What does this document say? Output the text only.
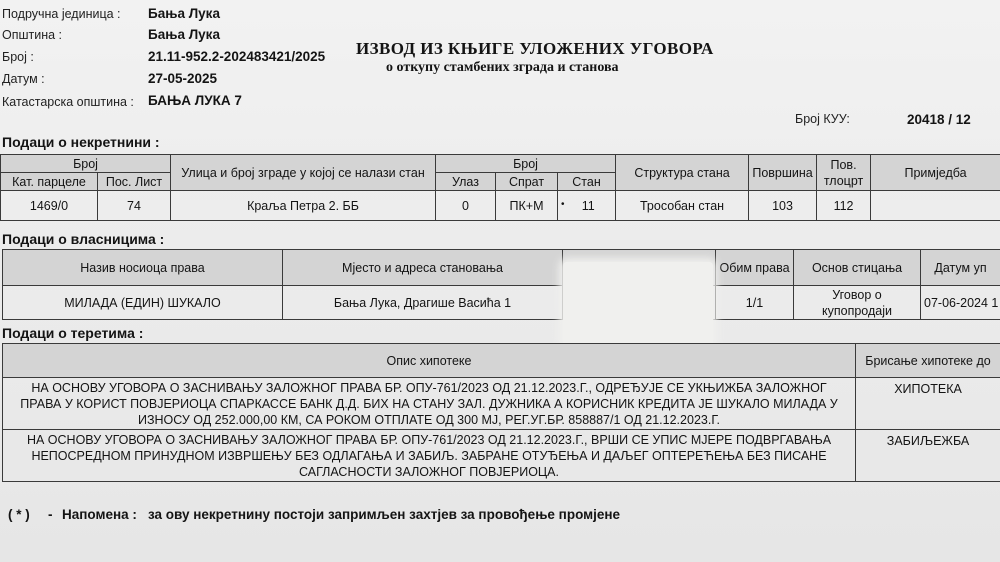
Подручна јединица : Бања Лука
Општина :	Бања Лука
Број :	21.11-952.2-202483421/2025
Датум :	27-05-2025
Катастарска општина : БАЊА ЛУКА 7
ИЗВОД ИЗ КЊИГЕ УЛОЖЕНИХ УГОВОРА
о откупу стамбених зграда и станова
Број КУУ:	20418 / 12
Подаци о некретнини :
Број		Улица и број зграде у којој се налази стан	Број			Структура стана	Површина	Пов. тлоцрт	Примједба
Кат. парцеле	Пос. Лист		Улаз	Спрат	Стан				
1469/0	74	Краља Петра 2. ББ	0	ПК+М	• 11	Трособан стан	103	112	
Подаци о власницима :
Назив носиоца права	Мјесто и адреса становања		Обим права	Основ стицања	Датум уп
МИЛАДА (ЕДИН) ШУКАЛО	Бања Лука, Драгише Васића 1		1/1	Уговор о купопродаји	07-06-2024 1
Подаци о теретима :
Опис хипотеке	Брисање хипотеке до
НА ОСНОВУ УГОВОРА О ЗАСНИВАЊУ ЗАЛОЖНОГ ПРАВА БР. ОПУ-761/2023 ОД 21.12.2023.Г., ОДРЕЂУЈЕ СЕ УКЊИЖБА ЗАЛОЖНОГ ПРАВА У КОРИСТ ПОВЈЕРИОЦА СПАРКАССЕ БАНК Д.Д. БИХ НА СТАНУ ЗАЛ. ДУЖНИКА А КОРИСНИК КРЕДИТА ЈЕ ШУКАЛО МИЛАДА У ИЗНОСУ ОД 252.000,00 КМ, СА РОКОМ ОТПЛАТЕ ОД 300 МЈ, РЕГ.УГ.БР. 858887/1 ОД 21.12.2023.Г.	ХИПОТЕКА
НА ОСНОВУ УГОВОРА О ЗАСНИВАЊУ ЗАЛОЖНОГ ПРАВА БР. ОПУ-761/2023 ОД 21.12.2023.Г., ВРШИ СЕ УПИС МЈЕРЕ ПОДВРГАВАЊА НЕПОСРЕДНОМ ПРИНУДНОМ ИЗВРШЕЊУ БЕЗ ОДЛАГАЊА И ЗАБИЉ. ЗАБРАНЕ ОТУЂЕЊА И ДАЉЕГ ОПТЕРЕЋЕЊА БЕЗ ПИСАНЕ САГЛАСНОСТИ ЗАЛОЖНОГ ПОВЈЕРИОЦА.	ЗАБИЉЕЖБА
( * ) - Напомена : за ову некретнину постоји запримљен захтјев за провођење промјене
